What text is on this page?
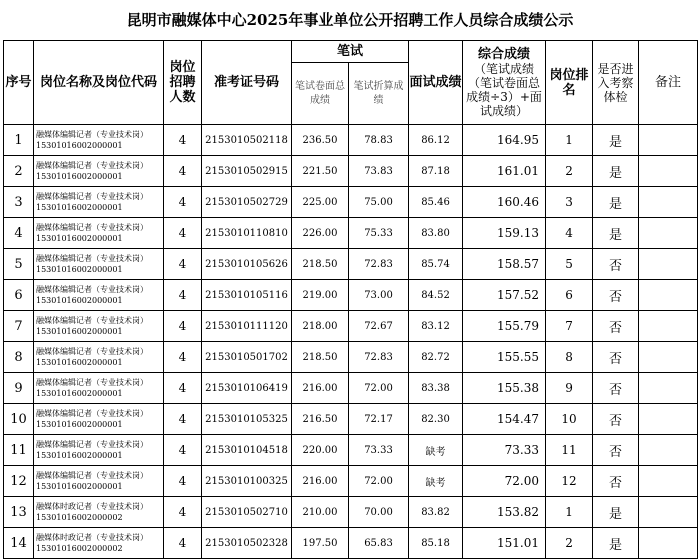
昆明市融媒体中心2025年事业单位公开招聘工作人员综合成绩公示
序号	岗位名称及岗位代码	岗位招聘人数	准考证号码	笔试		面试成绩	综合成绩
（笔试成绩（笔试卷面总成绩÷3）+面试成绩）	岗位排名	是否进入考察体检	备注
				笔试卷面总成绩	笔试折算成绩					
1	融媒体编辑记者（专业技术岗）
15301016002000001	4	2153010502118	236.50	78.83	86.12	164.95	1	是	
2	融媒体编辑记者（专业技术岗）
15301016002000001	4	2153010502915	221.50	73.83	87.18	161.01	2	是	
3	融媒体编辑记者（专业技术岗）
15301016002000001	4	2153010502729	225.00	75.00	85.46	160.46	3	是	
4	融媒体编辑记者（专业技术岗）
15301016002000001	4	2153010110810	226.00	75.33	83.80	159.13	4	是	
5	融媒体编辑记者（专业技术岗）
15301016002000001	4	2153010105626	218.50	72.83	85.74	158.57	5	否	
6	融媒体编辑记者（专业技术岗）
15301016002000001	4	2153010105116	219.00	73.00	84.52	157.52	6	否	
7	融媒体编辑记者（专业技术岗）
15301016002000001	4	2153010111120	218.00	72.67	83.12	155.79	7	否	
8	融媒体编辑记者（专业技术岗）
15301016002000001	4	2153010501702	218.50	72.83	82.72	155.55	8	否	
9	融媒体编辑记者（专业技术岗）
15301016002000001	4	2153010106419	216.00	72.00	83.38	155.38	9	否	
10	融媒体编辑记者（专业技术岗）
15301016002000001	4	2153010105325	216.50	72.17	82.30	154.47	10	否	
11	融媒体编辑记者（专业技术岗）
15301016002000001	4	2153010104518	220.00	73.33	缺考	73.33	11	否	
12	融媒体编辑记者（专业技术岗）
15301016002000001	4	2153010100325	216.00	72.00	缺考	72.00	12	否	
13	融媒体时政记者（专业技术岗）
15301016002000002	4	2153010502710	210.00	70.00	83.82	153.82	1	是	
14	融媒体时政记者（专业技术岗）
15301016002000002	4	2153010502328	197.50	65.83	85.18	151.01	2	是	
